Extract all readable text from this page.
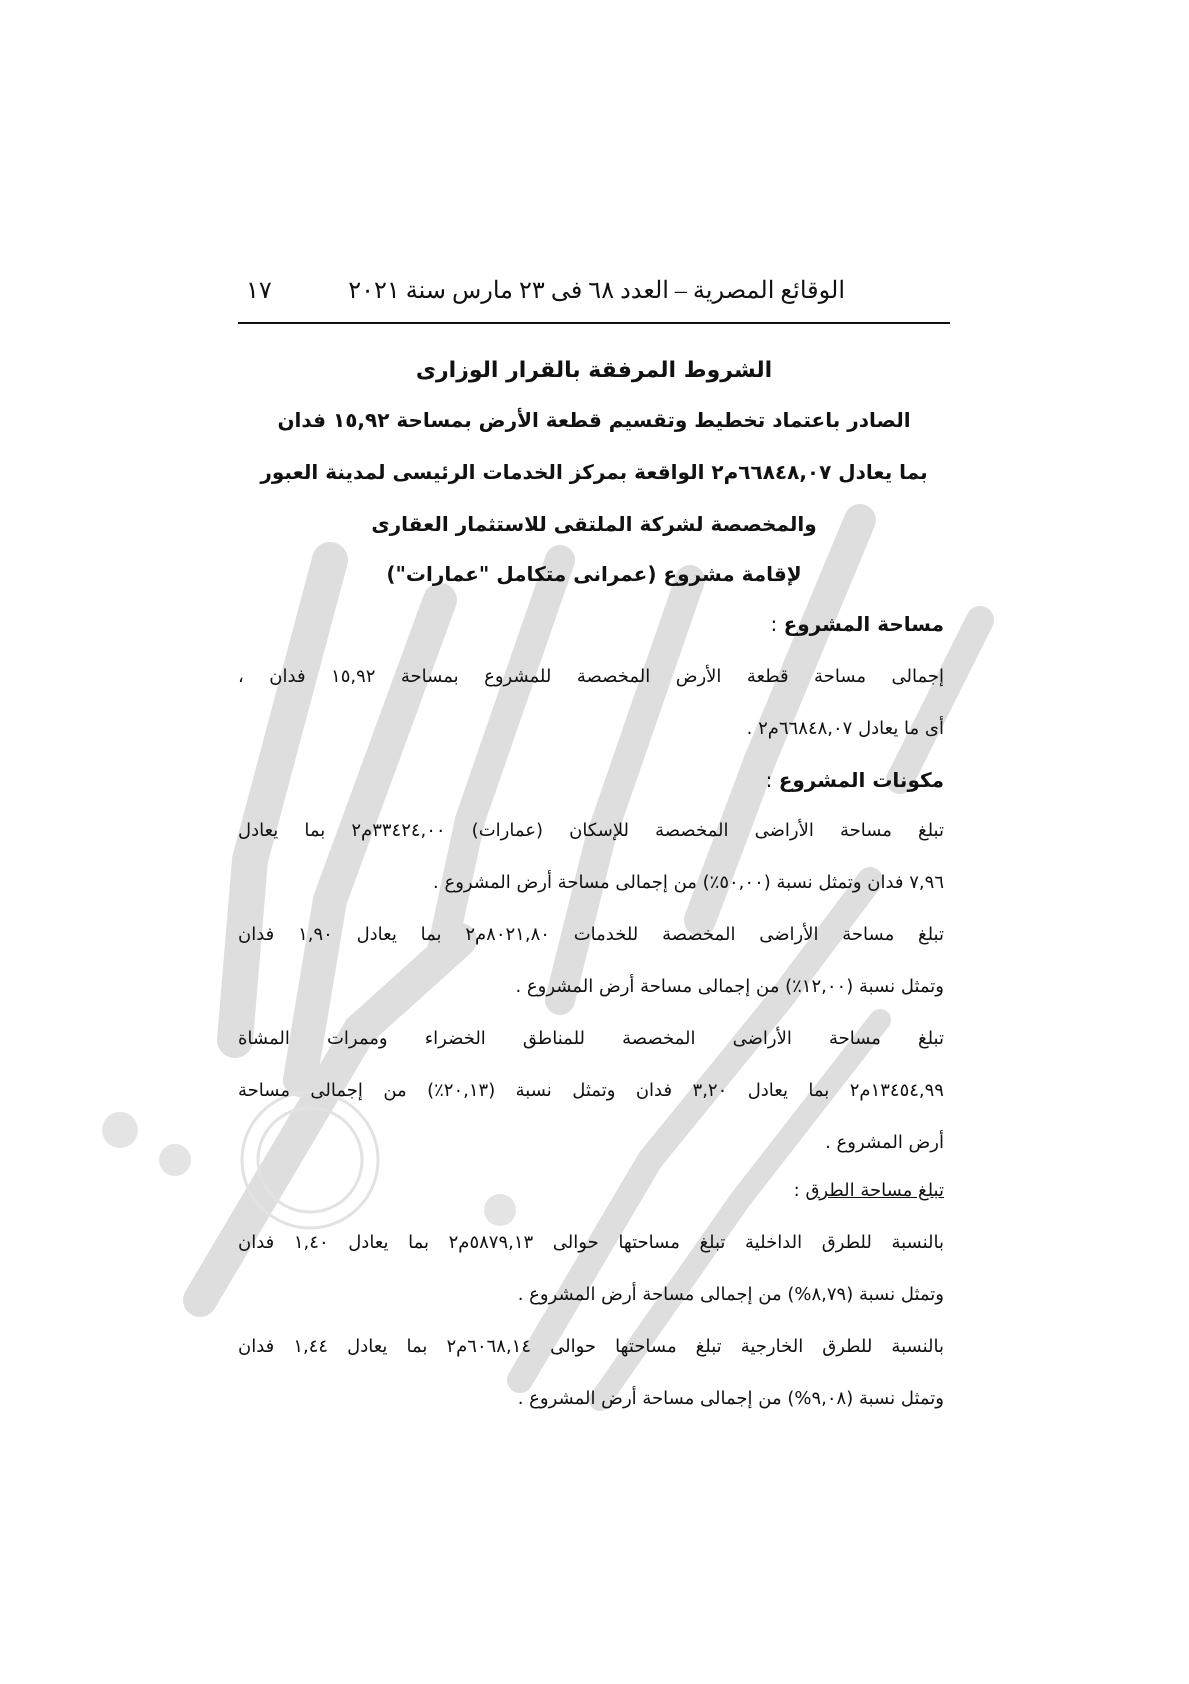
الوقائع المصرية – العدد ٦٨ فى ٢٣ مارس سنة ٢٠٢١
١٧
الشروط المرفقة بالقرار الوزارى
الصادر باعتماد تخطيط وتقسيم قطعة الأرض بمساحة ١٥,٩٢ فدان
بما يعادل ٦٦٨٤٨,٠٧م٢ الواقعة بمركز الخدمات الرئيسى لمدينة العبور
والمخصصة لشركة الملتقى للاستثمار العقارى
لإقامة مشروع (عمرانى متكامل "عمارات")
مساحة المشروع :
إجمالى مساحة قطعة الأرض المخصصة للمشروع بمساحة ١٥,٩٢ فدان ،
أى ما يعادل ٦٦٨٤٨,٠٧م٢ .
مكونات المشروع :
تبلغ مساحة الأراضى المخصصة للإسكان (عمارات) ٣٣٤٢٤,٠٠م٢ بما يعادل
٧,٩٦ فدان وتمثل نسبة (٥٠,٠٠٪) من إجمالى مساحة أرض المشروع .
تبلغ مساحة الأراضى المخصصة للخدمات ٨٠٢١,٨٠م٢ بما يعادل ١,٩٠ فدان
وتمثل نسبة (١٢,٠٠٪) من إجمالى مساحة أرض المشروع .
تبلغ مساحة الأراضى المخصصة للمناطق الخضراء وممرات المشاة
١٣٤٥٤,٩٩م٢ بما يعادل ٣,٢٠ فدان وتمثل نسبة (٢٠,١٣٪) من إجمالى مساحة
أرض المشروع .
تبلغ مساحة الطرق :
بالنسبة للطرق الداخلية تبلغ مساحتها حوالى ٥٨٧٩,١٣م٢ بما يعادل ١,٤٠ فدان
وتمثل نسبة (٨,٧٩%) من إجمالى مساحة أرض المشروع .
بالنسبة للطرق الخارجية تبلغ مساحتها حوالى ٦٠٦٨,١٤م٢ بما يعادل ١,٤٤ فدان
وتمثل نسبة (٩,٠٨%) من إجمالى مساحة أرض المشروع .
